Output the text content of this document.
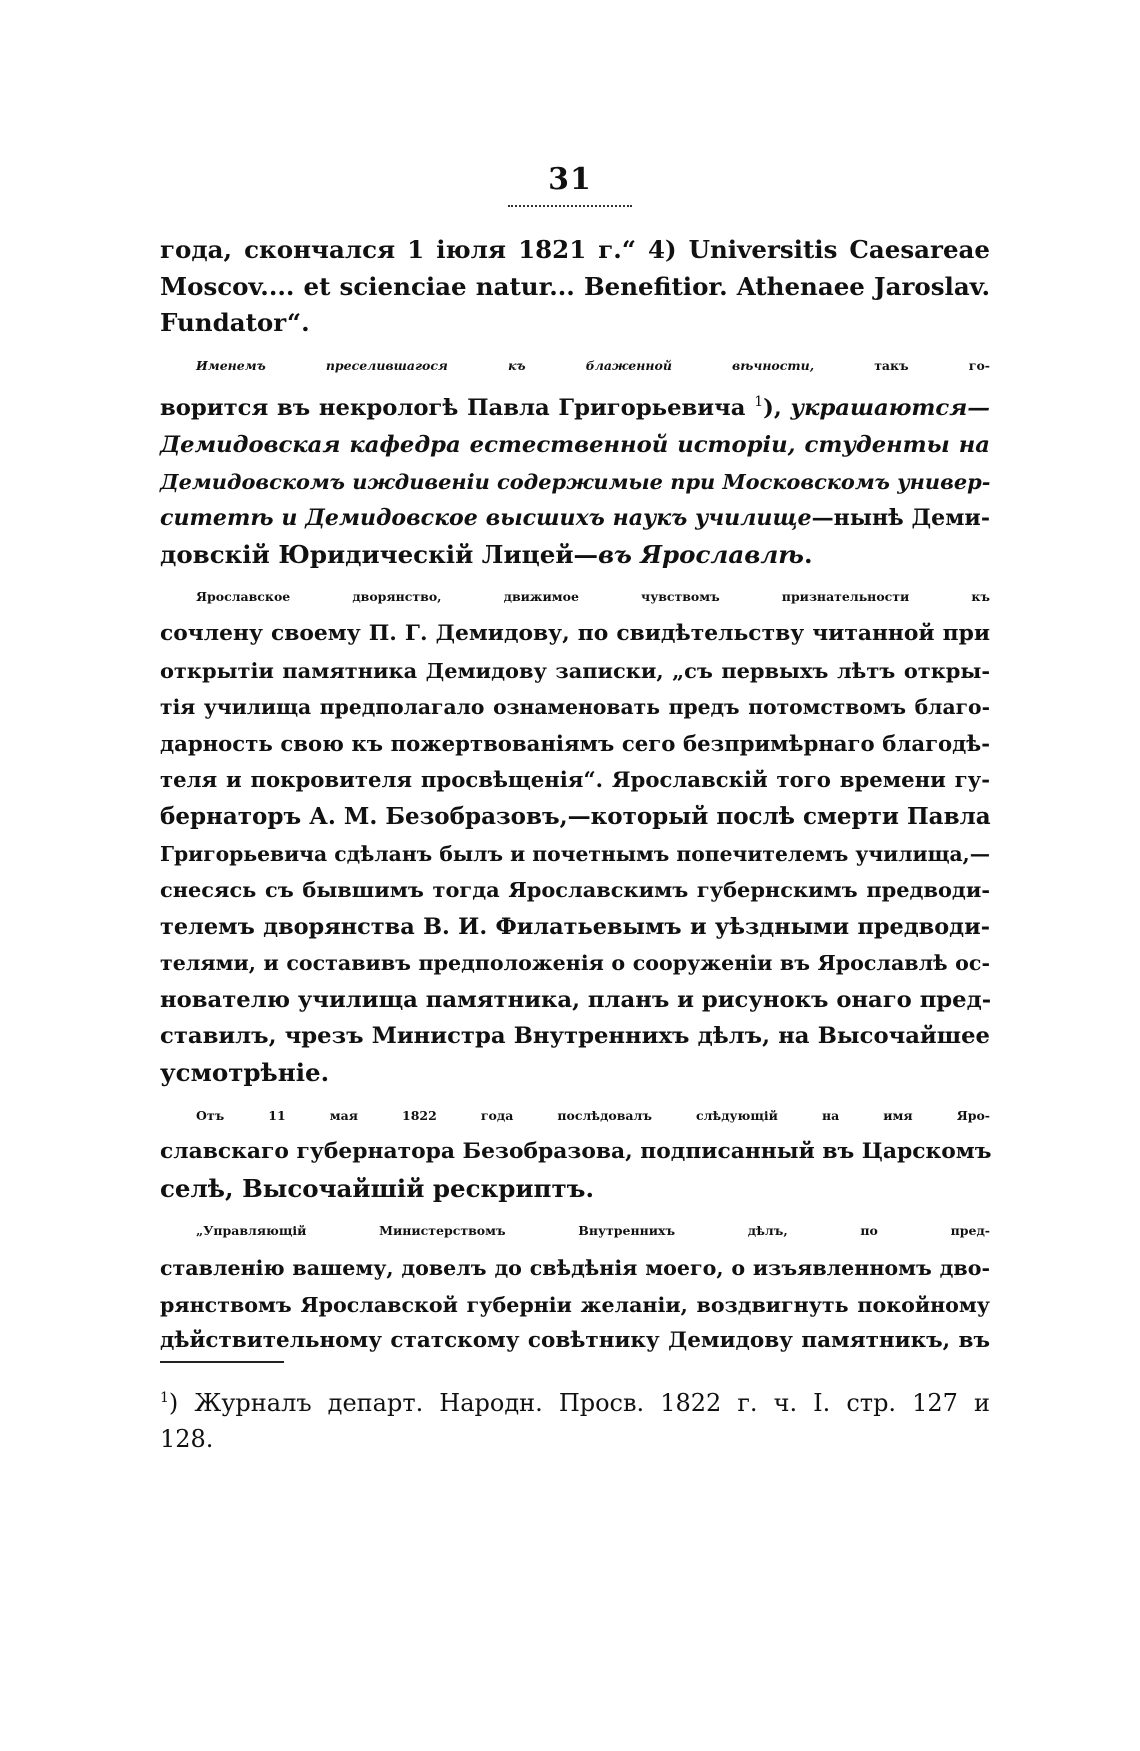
31
года, скончался 1 іюля 1821 г.“ 4) Universitis Caesareae
Moscov.... et scienciae natur... Benefitior. Athenaee Jaroslav.
Fundator“.
Именемъ преселившагося къ блаженной вѣчности, такъ го-
ворится въ некрологѣ Павла Григорьевича $^1$), украшаются—
Демидовская кафедра естественной исторіи, студенты на
Демидовскомъ иждивеніи содержимые при Московскомъ универ-
ситетѣ и Демидовское высшихъ наукъ училище—нынѣ Деми-
довскій Юридическій Лицей—въ Ярославлѣ.
Ярославское дворянство, движимое чувствомъ признательности къ
сочлену своему П. Г. Демидову, по свидѣтельству читанной при
открытіи памятника Демидову записки, „съ первыхъ лѣтъ откры-
тія училища предполагало ознаменовать предъ потомствомъ благо-
дарность свою къ пожертвованіямъ сего безпримѣрнаго благодѣ-
теля и покровителя просвѣщенія“. Ярославскій того времени гу-
бернаторъ А. М. Безобразовъ,—который послѣ смерти Павла
Григорьевича сдѣланъ былъ и почетнымъ попечителемъ училища,—
снесясь съ бывшимъ тогда Ярославскимъ губернскимъ предводи-
телемъ дворянства В. И. Филатьевымъ и уѣздными предводи-
телями, и составивъ предположенія о сооруженіи въ Ярославлѣ ос-
нователю училища памятника, планъ и рисунокъ онаго пред-
ставилъ, чрезъ Министра Внутреннихъ дѣлъ, на Высочайшее
усмотрѣніе.
Отъ 11 мая 1822 года послѣдовалъ слѣдующій на имя Яро-
славскаго губернатора Безобразова, подписанный въ Царскомъ
селѣ, Высочайшій рескриптъ.
„Управляющій Министерствомъ Внутреннихъ дѣлъ, по пред-
ставленію вашему, довелъ до свѣдѣнія моего, о изъявленномъ дво-
рянствомъ Ярославской губерніи желаніи, воздвигнуть покойному
дѣйствительному статскому совѣтнику Демидову памятникъ, въ
$^1$) Журналъ департ. Народн. Просв. 1822 г. ч. I. стр. 127 и
128.
